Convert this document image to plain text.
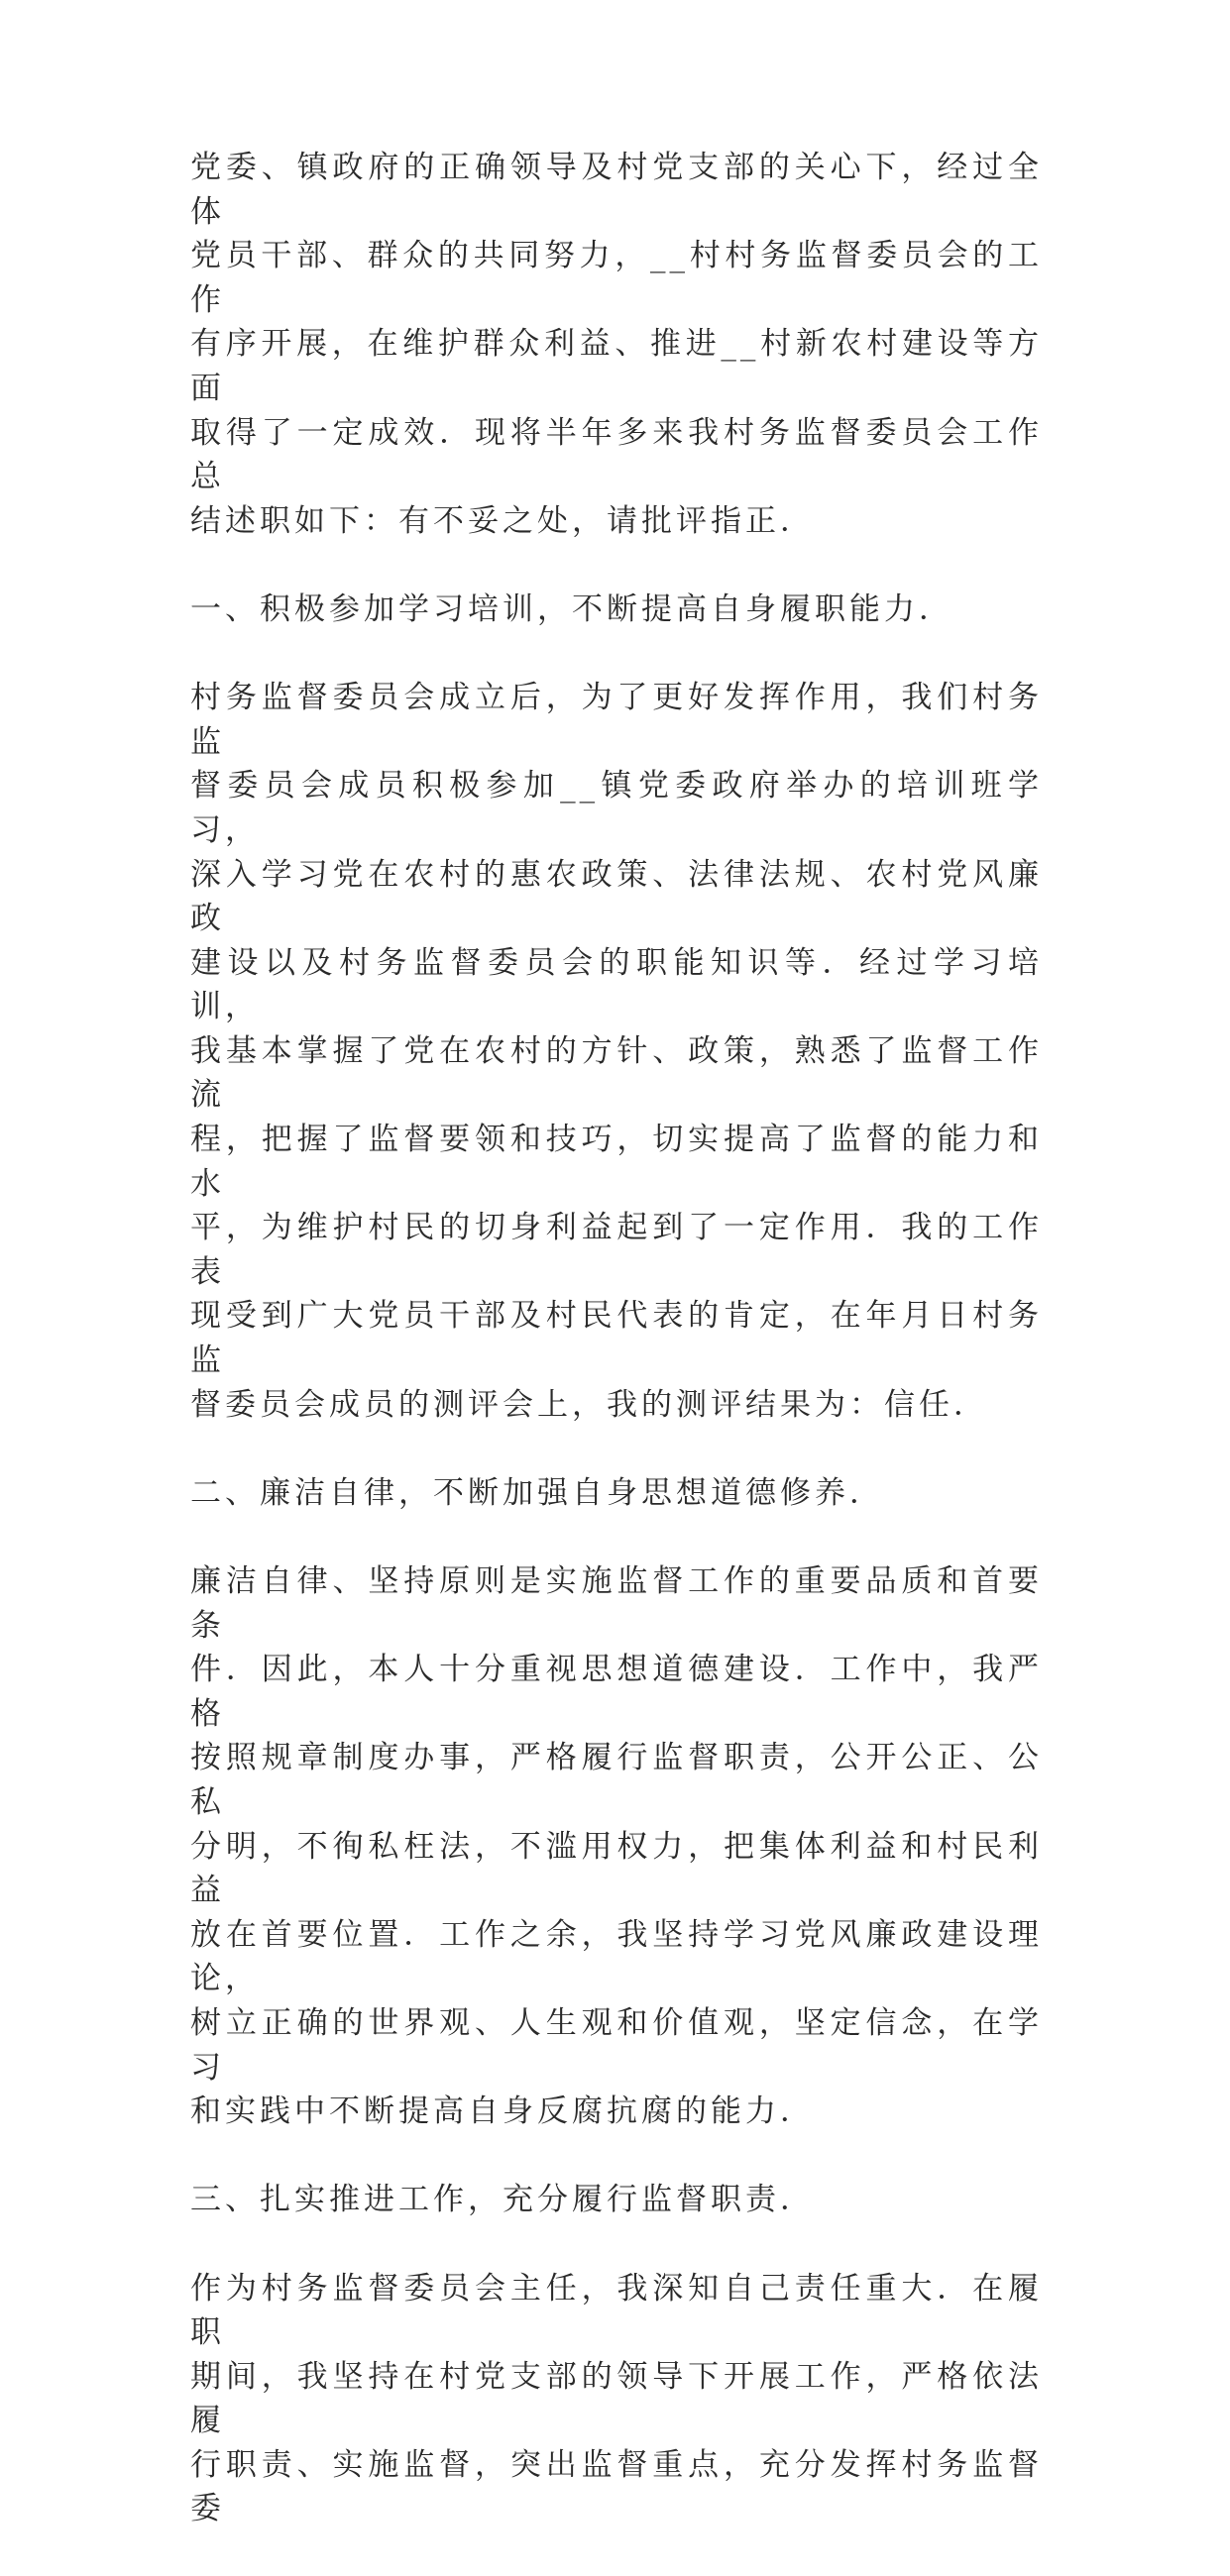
党委、镇政府的正确领导及村党支部的关心下，经过全体
党员干部、群众的共同努力，__村村务监督委员会的工作
有序开展，在维护群众利益、推进__村新农村建设等方面
取得了一定成效．现将半年多来我村务监督委员会工作总
结述职如下：有不妥之处，请批评指正．
一、积极参加学习培训，不断提高自身履职能力．
村务监督委员会成立后，为了更好发挥作用，我们村务监
督委员会成员积极参加__镇党委政府举办的培训班学习，
深入学习党在农村的惠农政策、法律法规、农村党风廉政
建设以及村务监督委员会的职能知识等．经过学习培训，
我基本掌握了党在农村的方针、政策，熟悉了监督工作流
程，把握了监督要领和技巧，切实提高了监督的能力和水
平，为维护村民的切身利益起到了一定作用．我的工作表
现受到广大党员干部及村民代表的肯定，在年月日村务监
督委员会成员的测评会上，我的测评结果为：信任．
二、廉洁自律，不断加强自身思想道德修养．
廉洁自律、坚持原则是实施监督工作的重要品质和首要条
件．因此，本人十分重视思想道德建设．工作中，我严格
按照规章制度办事，严格履行监督职责，公开公正、公私
分明，不徇私枉法，不滥用权力，把集体利益和村民利益
放在首要位置．工作之余，我坚持学习党风廉政建设理论，
树立正确的世界观、人生观和价值观，坚定信念，在学习
和实践中不断提高自身反腐抗腐的能力．
三、扎实推进工作，充分履行监督职责．
作为村务监督委员会主任，我深知自己责任重大．在履职
期间，我坚持在村党支部的领导下开展工作，严格依法履
行职责、实施监督，突出监督重点，充分发挥村务监督委
